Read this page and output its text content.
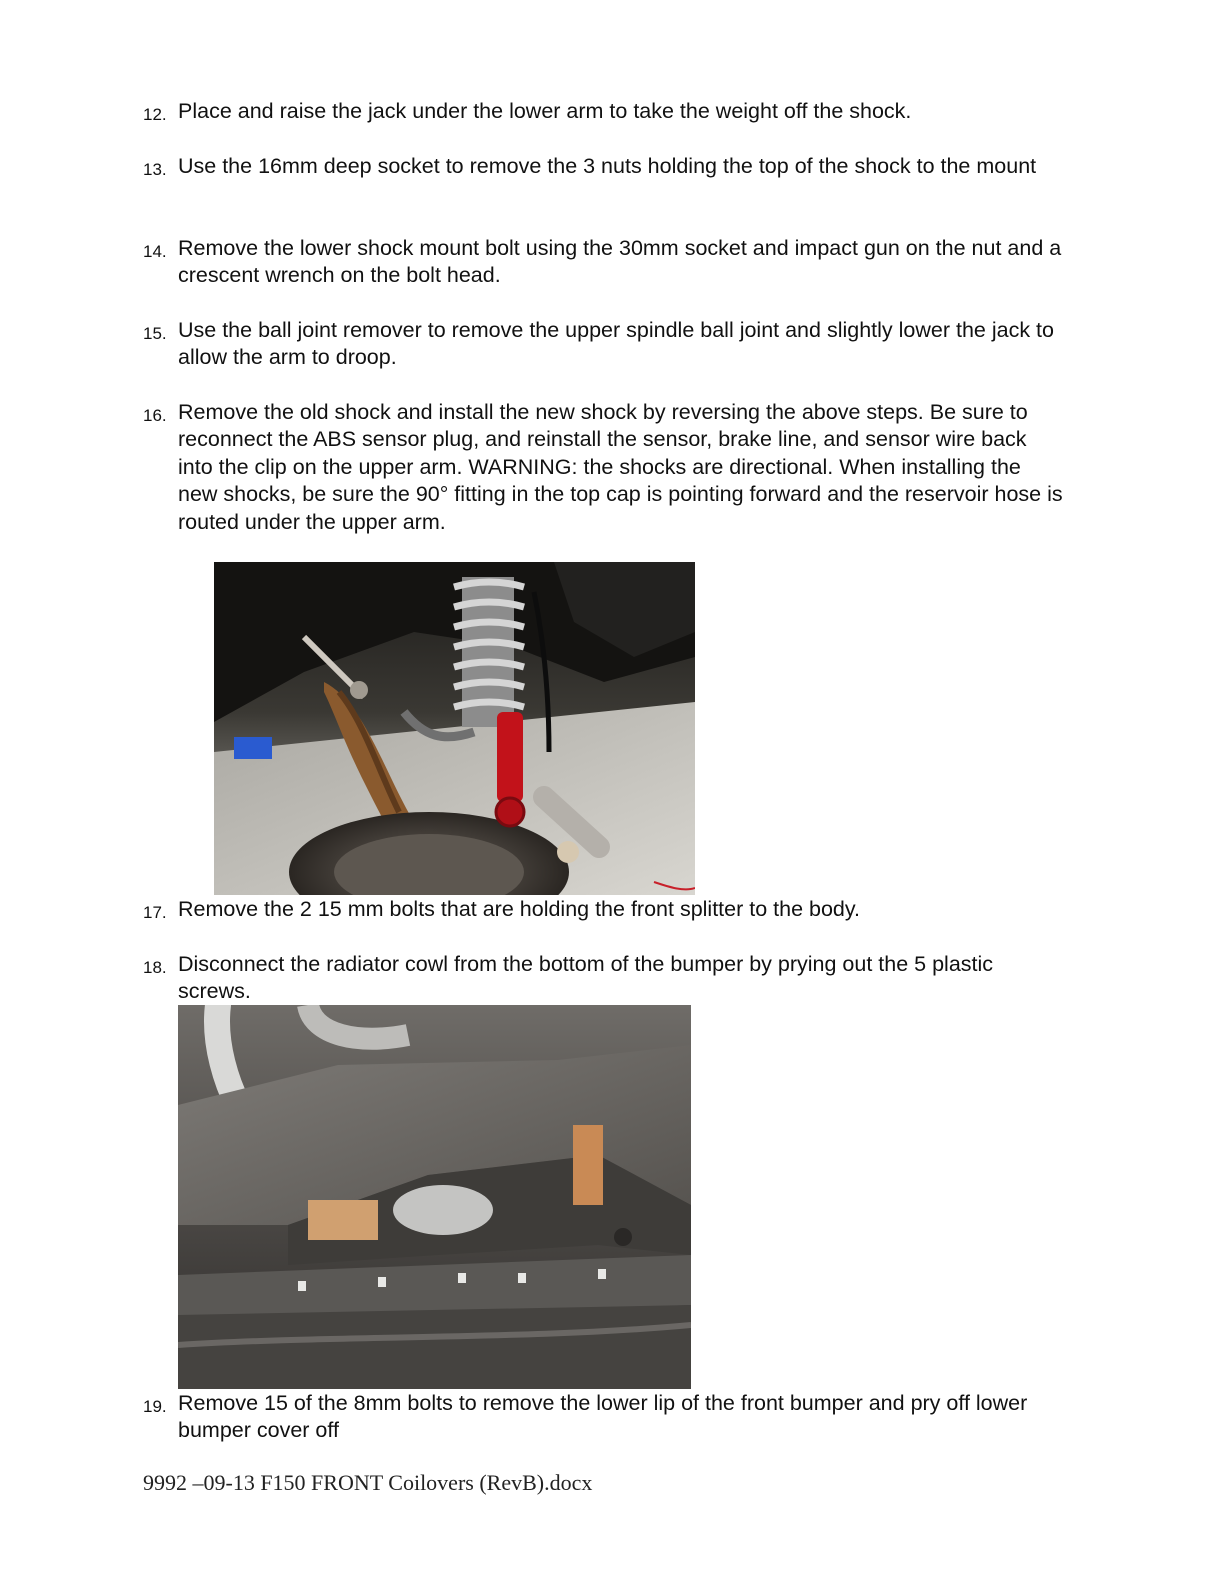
12. Place and raise the jack under the lower arm to take the weight off the shock.
13. Use the 16mm deep socket to remove the 3 nuts holding the top of the shock to the mount
14. Remove the lower shock mount bolt using the 30mm socket and impact gun on the nut and a crescent wrench on the bolt head.
15. Use the ball joint remover to remove the upper spindle ball joint and slightly lower the jack to allow the arm to droop.
16. Remove the old shock and install the new shock by reversing the above steps. Be sure to reconnect the ABS sensor plug, and reinstall the sensor, brake line, and sensor wire back into the clip on the upper arm. WARNING: the shocks are directional. When installing the new shocks, be sure the 90° fitting in the top cap is pointing forward and the reservoir hose is routed under the upper arm.
17. Remove the 2 15 mm bolts that are holding the front splitter to the body.
18. Disconnect the radiator cowl from the bottom of the bumper by prying out the 5 plastic screws.
19. Remove 15 of the 8mm bolts to remove the lower lip of the front bumper and pry off lower bumper cover off
9992 –09-13 F150 FRONT Coilovers (RevB).docx
